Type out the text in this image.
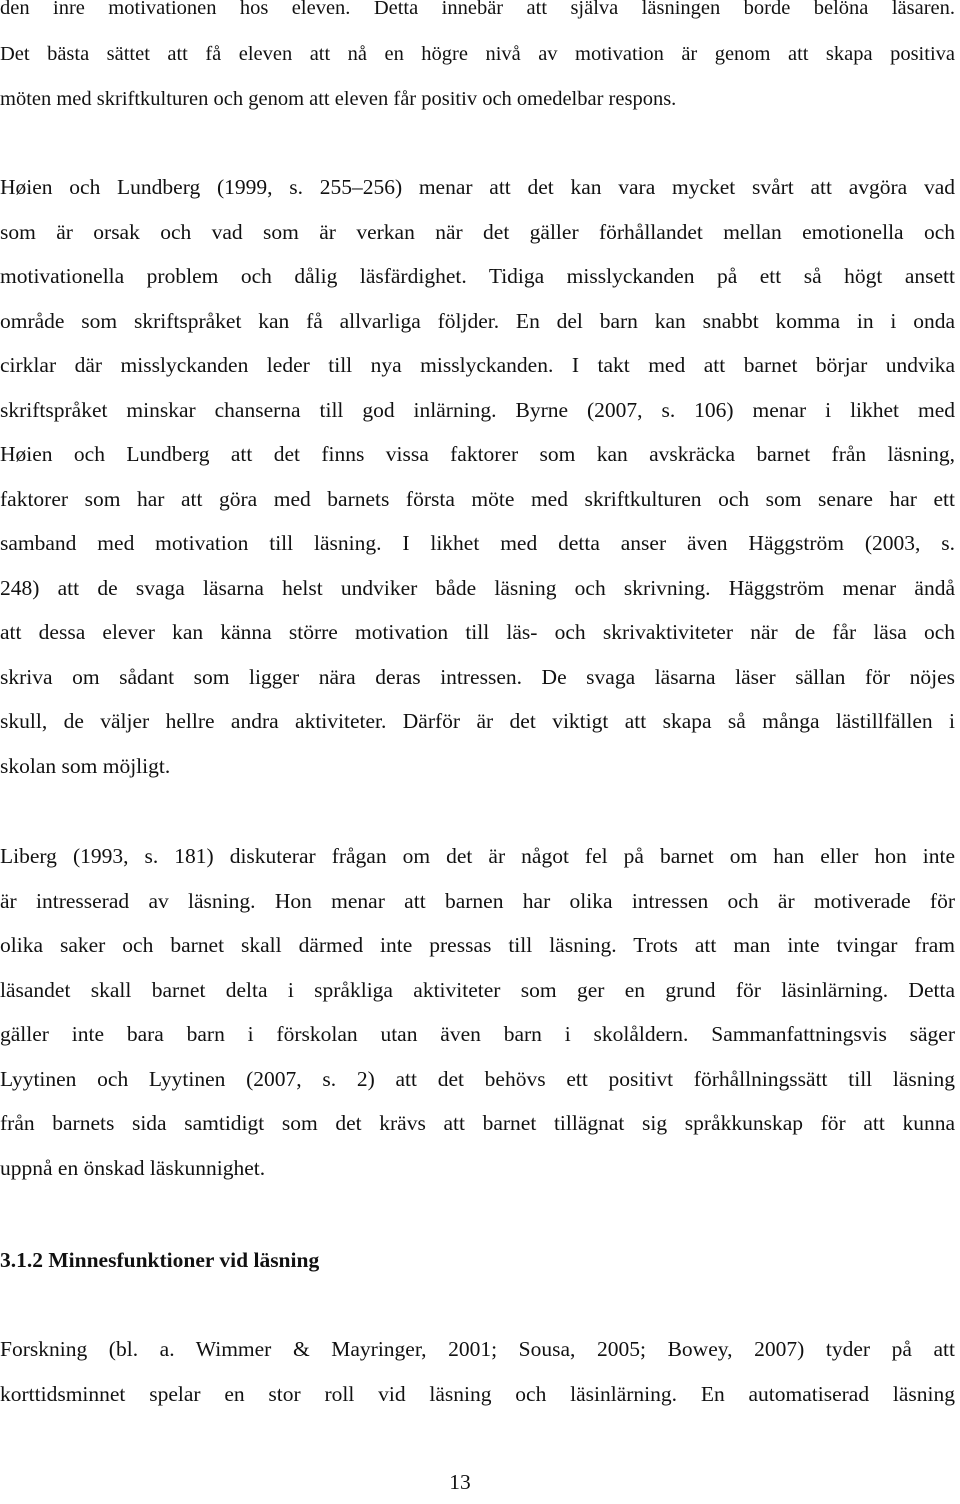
den inre motivationen hos eleven. Detta innebär att själva läsningen borde belöna läsaren.
Det bästa sättet att få eleven att nå en högre nivå av motivation är genom att skapa positiva
möten med skriftkulturen och genom att eleven får positiv och omedelbar respons.
Høien och Lundberg (1999, s. 255–256) menar att det kan vara mycket svårt att avgöra vad
som är orsak och vad som är verkan när det gäller förhållandet mellan emotionella och
motivationella problem och dålig läsfärdighet. Tidiga misslyckanden på ett så högt ansett
område som skriftspråket kan få allvarliga följder. En del barn kan snabbt komma in i onda
cirklar där misslyckanden leder till nya misslyckanden. I takt med att barnet börjar undvika
skriftspråket minskar chanserna till god inlärning. Byrne (2007, s. 106) menar i likhet med
Høien och Lundberg att det finns vissa faktorer som kan avskräcka barnet från läsning,
faktorer som har att göra med barnets första möte med skriftkulturen och som senare har ett
samband med motivation till läsning. I likhet med detta anser även Häggström (2003, s.
248) att de svaga läsarna helst undviker både läsning och skrivning. Häggström menar ändå
att dessa elever kan känna större motivation till läs- och skrivaktiviteter när de får läsa och
skriva om sådant som ligger nära deras intressen. De svaga läsarna läser sällan för nöjes
skull, de väljer hellre andra aktiviteter. Därför är det viktigt att skapa så många lästillfällen i
skolan som möjligt.
Liberg (1993, s. 181) diskuterar frågan om det är något fel på barnet om han eller hon inte
är intresserad av läsning. Hon menar att barnen har olika intressen och är motiverade för
olika saker och barnet skall därmed inte pressas till läsning. Trots att man inte tvingar fram
läsandet skall barnet delta i språkliga aktiviteter som ger en grund för läsinlärning. Detta
gäller inte bara barn i förskolan utan även barn i skolåldern. Sammanfattningsvis säger
Lyytinen och Lyytinen (2007, s. 2) att det behövs ett positivt förhållningssätt till läsning
från barnets sida samtidigt som det krävs att barnet tillägnat sig språkkunskap för att kunna
uppnå en önskad läskunnighet.
3.1.2 Minnesfunktioner vid läsning
Forskning (bl. a. Wimmer & Mayringer, 2001; Sousa, 2005; Bowey, 2007) tyder på att
korttidsminnet spelar en stor roll vid läsning och läsinlärning. En automatiserad läsning
13
